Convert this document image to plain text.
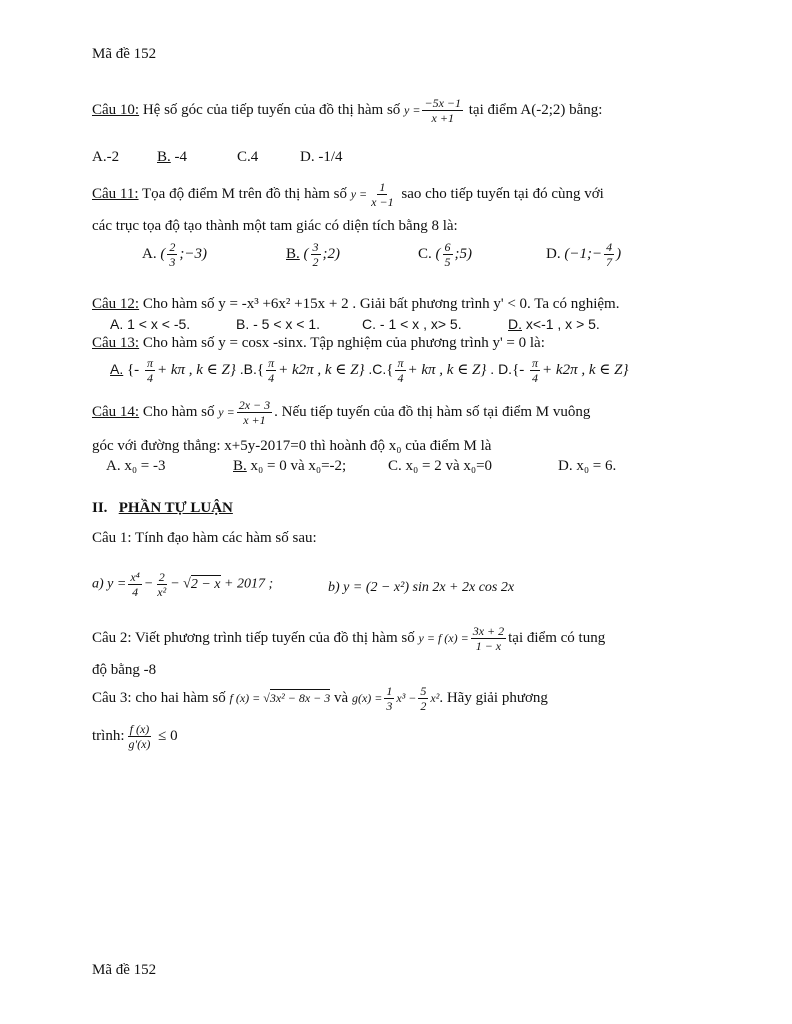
Mã đề 152
Câu 10: Hệ số góc của tiếp tuyến của đồ thị hàm số $y = \frac{-5x -1}{x +1}$ tại điểm A(-2;2) bằng:
A.-2	B. -4	C.4	D. -1/4
Câu 11: Tọa độ điểm M trên đồ thị hàm số $y = \frac{1}{x -1}$ sao cho tiếp tuyến tại đó cùng với
các trục tọa độ tạo thành một tam giác có diện tích bằng 8 là:
A. ( $\frac{2}{3}$ ;−3)	B. ( $\frac{3}{2}$ ;2)	C. ( $\frac{6}{5}$ ;5)	D. (−1;− $\frac{4}{7}$ )
Câu 12: Cho hàm số y = -x³ +6x² +15x + 2 . Giải bất phương trình y' < 0. Ta có nghiệm.
A. 1 < x < -5.	B. - 5 < x < 1.	C. - 1 < x , x> 5.	D. x<-1 , x > 5.
Câu 13: Cho hàm số y = cosx -sinx. Tập nghiệm của phương trình y' = 0 là:
A. {- $\frac{\pi}{4} + k\pi$ , k ∈ Z} $.B.\{ \frac{\pi}{4} + k2\pi$ , k ∈ Z} $.C.\{ \frac{\pi}{4} + k\pi$ , k ∈ Z} . $D.\{- \frac{\pi}{4} + k2\pi$ , k ∈ Z}
Câu 14: Cho hàm số $y = \frac{2x - 3}{x +1}$ . Nếu tiếp tuyến của đồ thị hàm số tại điểm M vuông
góc với đường thẳng: x+5y-2017=0 thì hoành độ x₀ của điểm M là
A. x₀ = -3	B. x₀ = 0 và x₀=-2;	C. x₀ = 2 và x₀=0	D. x₀ = 6.
II. PHẦN TỰ LUẬN
Câu 1: Tính đạo hàm các hàm số sau:
a) $y = \frac{\text{x⁴}}{4} - \frac{2}{\text{x²}} - √2 - x + 2017$ ;	b) y = (2 − x²) sin 2x + 2x cos 2x
Câu 2: Viết phương trình tiếp tuyến của đồ thị hàm số y = f $(x) = \frac{3x + 2}{1 - x}$ tại điểm có tung
độ bằng -8
Câu 3: cho hai hàm số f (x) = √3x² − 8x − 3 và $g(x) = \frac{1}{3} x^3 - \frac{5}{2} x^2$. Hãy giải phương
trình: $\frac{f (x)}{g'(x)} \le 0$
Mã đề 152
